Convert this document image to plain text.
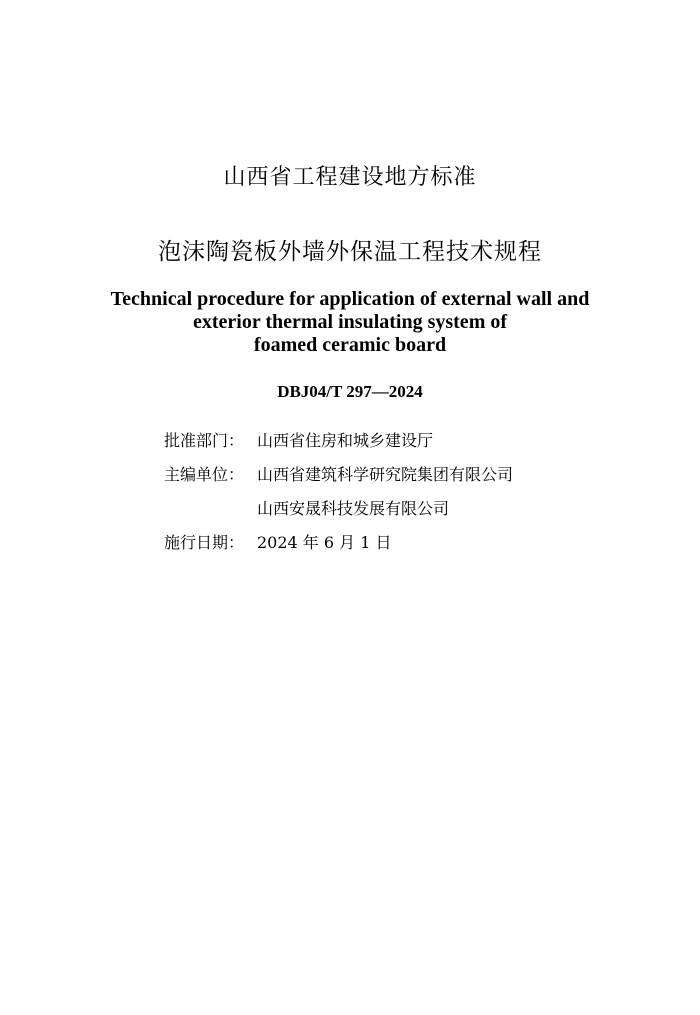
山西省工程建设地方标准
泡沫陶瓷板外墙外保温工程技术规程
Technical procedure for application of external wall and
exterior thermal insulating system of
foamed ceramic board
DBJ04/T 297—2024
批准部门： 山西省住房和城乡建设厅
主编单位： 山西省建筑科学研究院集团有限公司
山西安晟科技发展有限公司
施行日期： 2024 年 6 月 1 日
